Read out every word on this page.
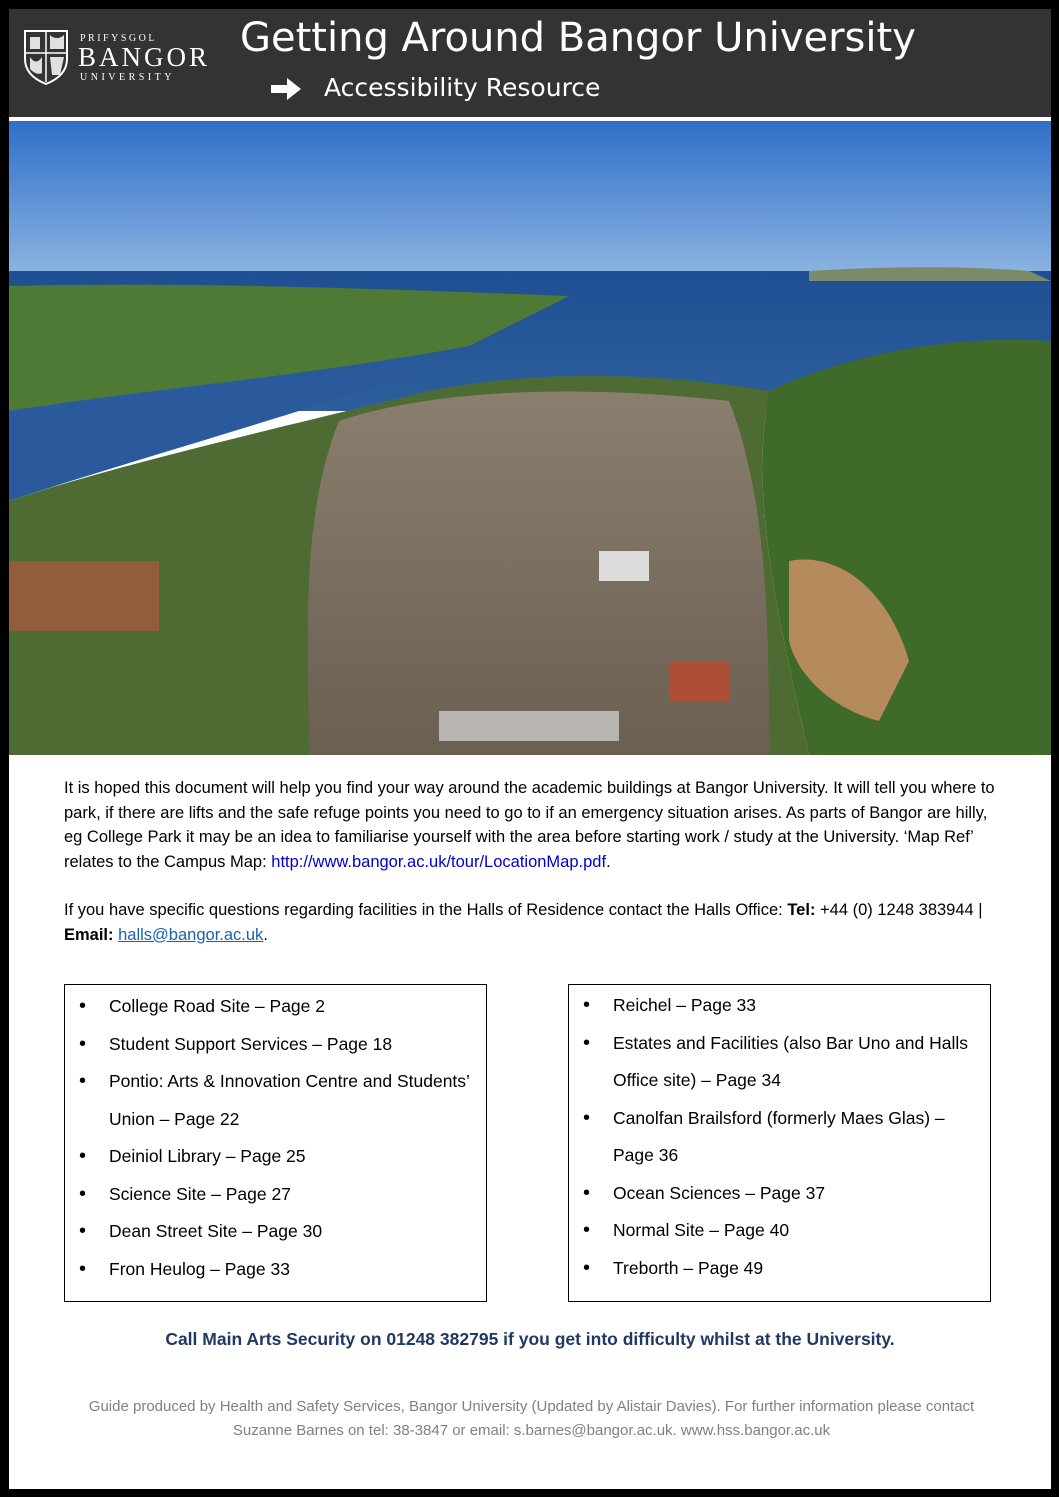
PRIFYSGOL
BANGOR
UNIVERSITY
Getting Around Bangor University
Accessibility Resource

It is hoped this document will help you find your way around the academic buildings at Bangor University. It will tell you where to park, if there are lifts and the safe refuge points you need to go to if an emergency situation arises. As parts of Bangor are hilly, eg College Park it may be an idea to familiarise yourself with the area before starting work / study at the University. ‘Map Ref’ relates to the Campus Map: http://www.bangor.ac.uk/tour/LocationMap.pdf.

If you have specific questions regarding facilities in the Halls of Residence contact the Halls Office: Tel: +44 (0) 1248 383944 | Email: halls@bangor.ac.uk.

• College Road Site – Page 2
• Student Support Services – Page 18
• Pontio: Arts & Innovation Centre and Students’ Union – Page 22
• Deiniol Library – Page 25
• Science Site – Page 27
• Dean Street Site – Page 30
• Fron Heulog – Page 33
• Reichel – Page 33
• Estates and Facilities (also Bar Uno and Halls Office site) – Page 34
• Canolfan Brailsford (formerly Maes Glas) – Page 36
• Ocean Sciences – Page 37
• Normal Site – Page 40
• Treborth – Page 49
Call Main Arts Security on 01248 382795 if you get into difficulty whilst at the University.
Guide produced by Health and Safety Services, Bangor University (Updated by Alistair Davies). For further information please contact Suzanne Barnes on tel: 38-3847 or email: s.barnes@bangor.ac.uk. www.hss.bangor.ac.uk
